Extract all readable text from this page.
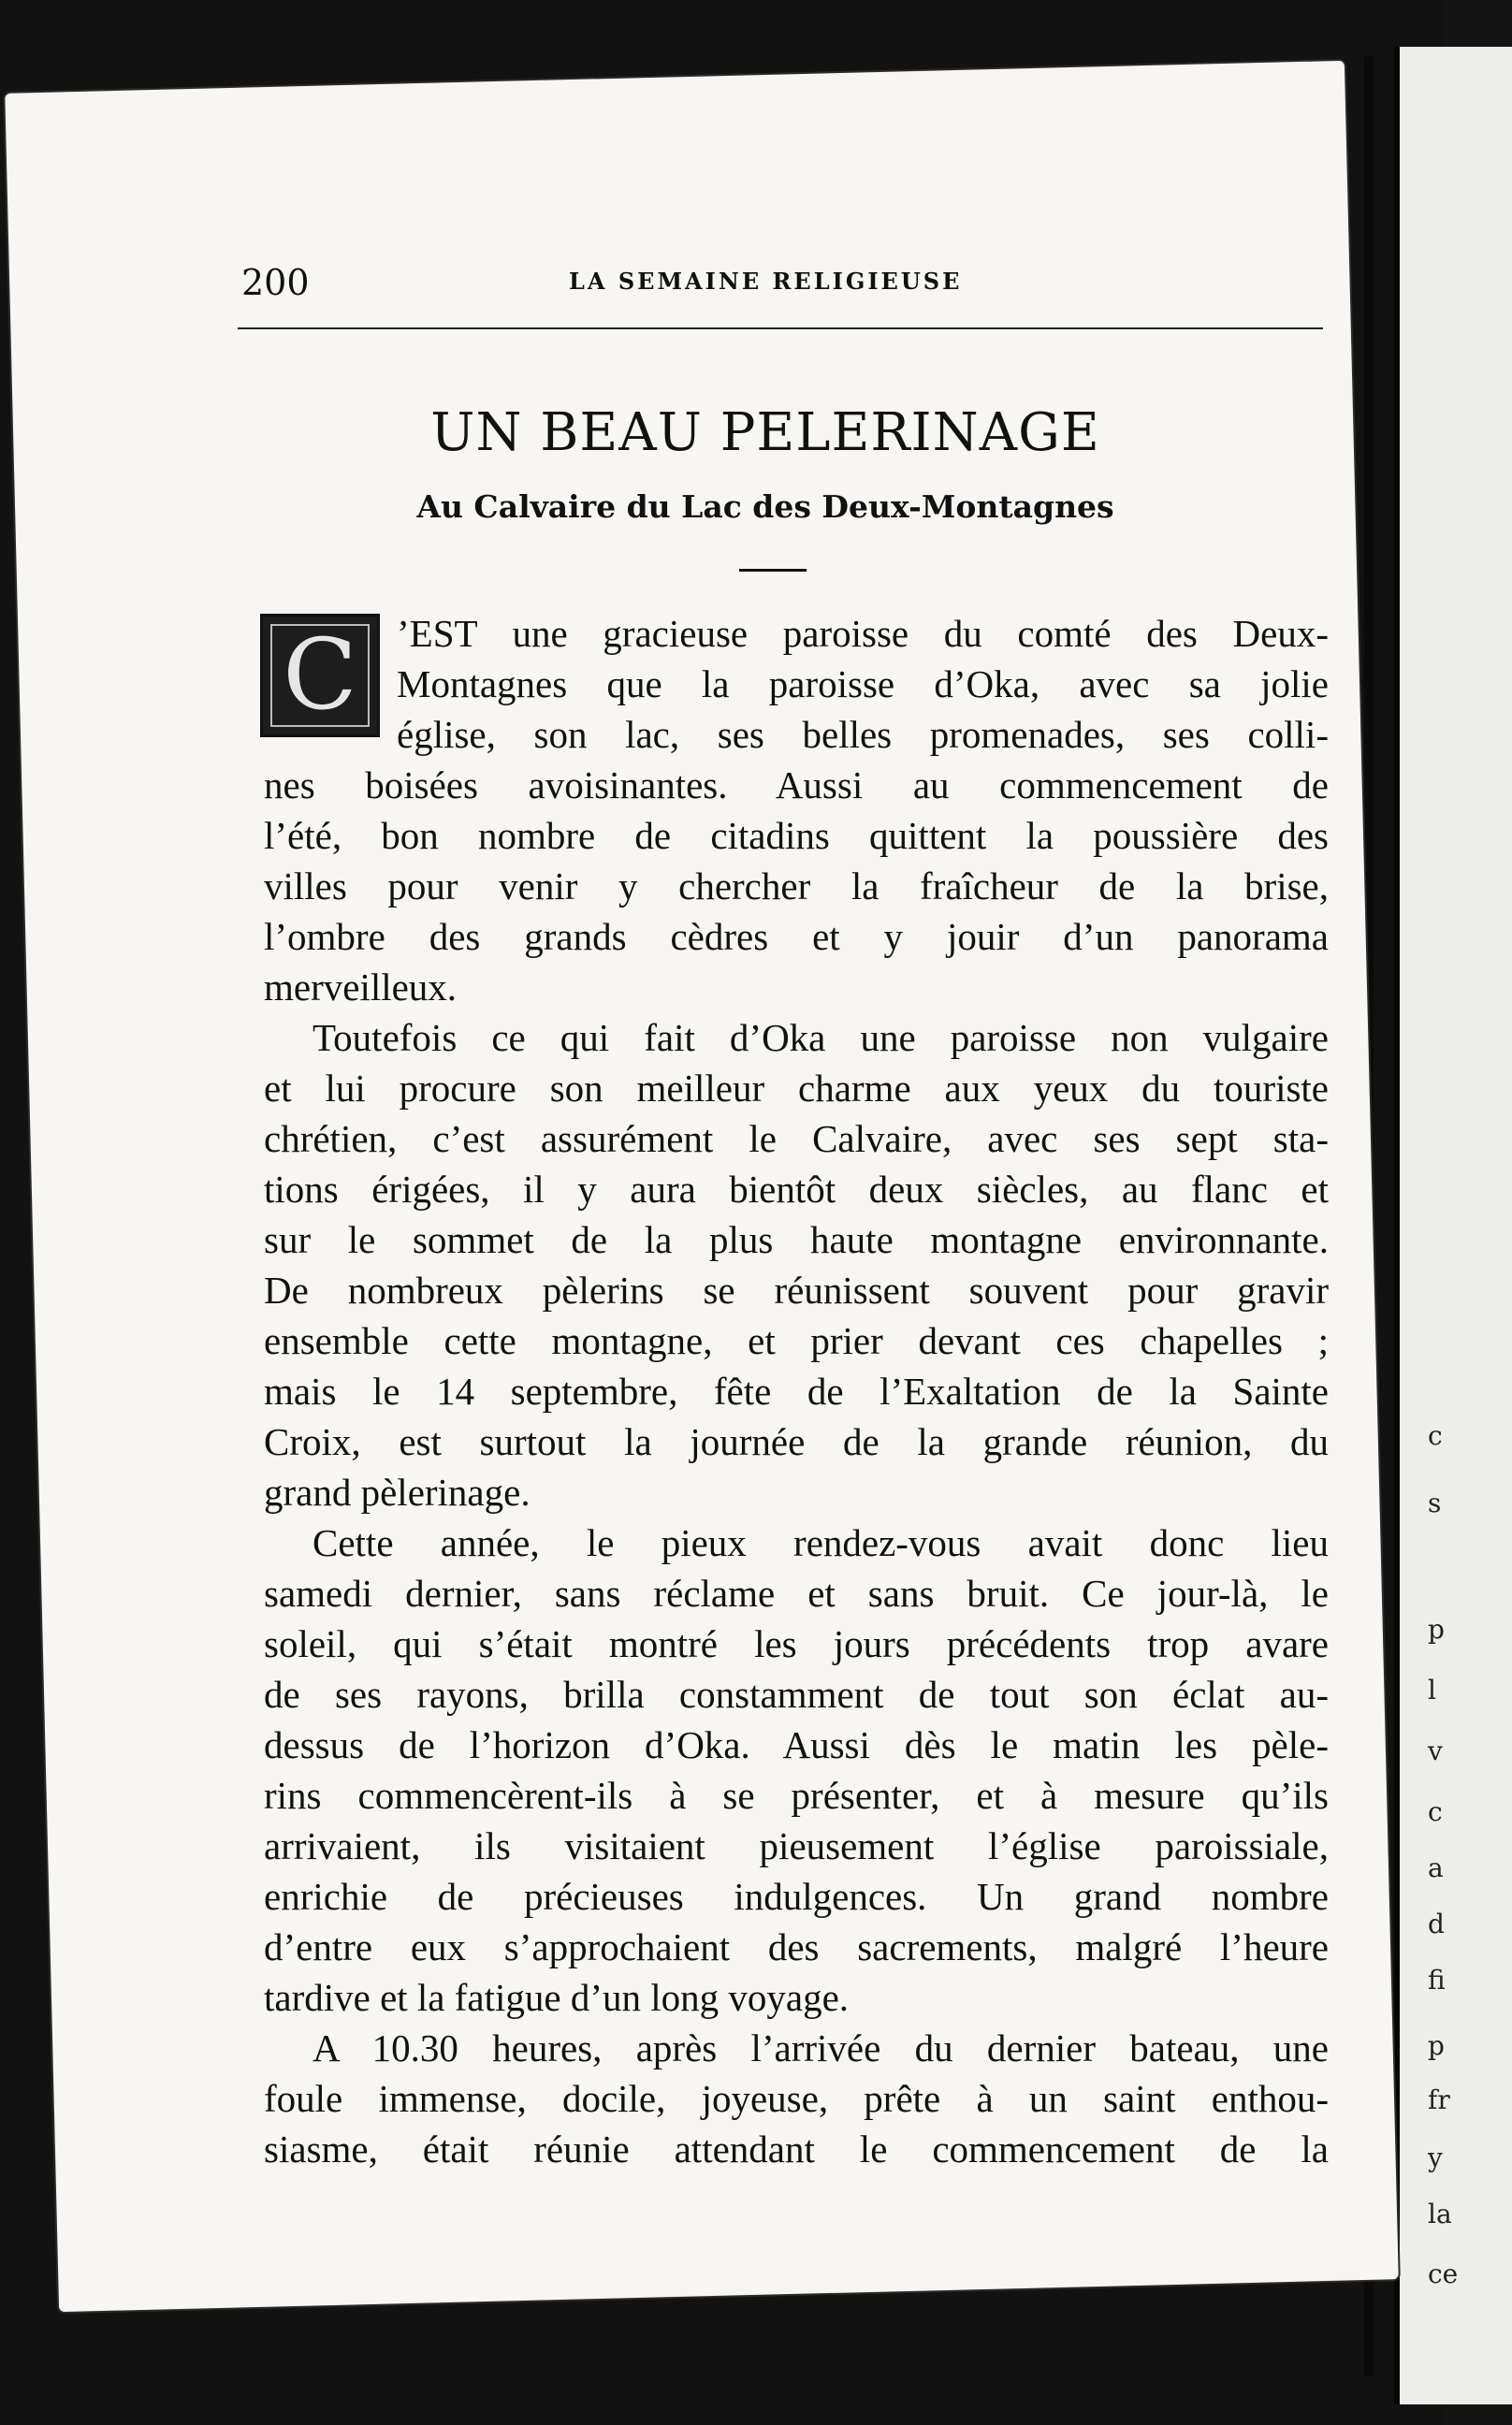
c
s
p
l
v
c
a
d
fi
p
fr
y
la
ce
200	LA SEMAINE RELIGIEUSE
UN BEAU PELERINAGE
Au Calvaire du Lac des Deux-Montagnes
’EST une gracieuse paroisse du comté des Deux-
Montagnes que la paroisse d’Oka, avec sa jolie
église, son lac, ses belles promenades, ses colli-
nes boisées avoisinantes. Aussi au commencement de
l’été, bon nombre de citadins quittent la poussière des
villes pour venir y chercher la fraîcheur de la brise,
l’ombre des grands cèdres et y jouir d’un panorama
merveilleux.
Toutefois ce qui fait d’Oka une paroisse non vulgaire
et lui procure son meilleur charme aux yeux du touriste
chrétien, c’est assurément le Calvaire, avec ses sept sta-
tions érigées, il y aura bientôt deux siècles, au flanc et
sur le sommet de la plus haute montagne environnante.
De nombreux pèlerins se réunissent souvent pour gravir
ensemble cette montagne, et prier devant ces chapelles ;
mais le 14 septembre, fête de l’Exaltation de la Sainte
Croix, est surtout la journée de la grande réunion, du
grand pèlerinage.
Cette année, le pieux rendez-vous avait donc lieu
samedi dernier, sans réclame et sans bruit. Ce jour-là, le
soleil, qui s’était montré les jours précédents trop avare
de ses rayons, brilla constamment de tout son éclat au-
dessus de l’horizon d’Oka. Aussi dès le matin les pèle-
rins commencèrent-ils à se présenter, et à mesure qu’ils
arrivaient, ils visitaient pieusement l’église paroissiale,
enrichie de précieuses indulgences. Un grand nombre
d’entre eux s’approchaient des sacrements, malgré l’heure
tardive et la fatigue d’un long voyage.
A 10.30 heures, après l’arrivée du dernier bateau, une
foule immense, docile, joyeuse, prête à un saint enthou-
siasme, était réunie attendant le commencement de la
C
